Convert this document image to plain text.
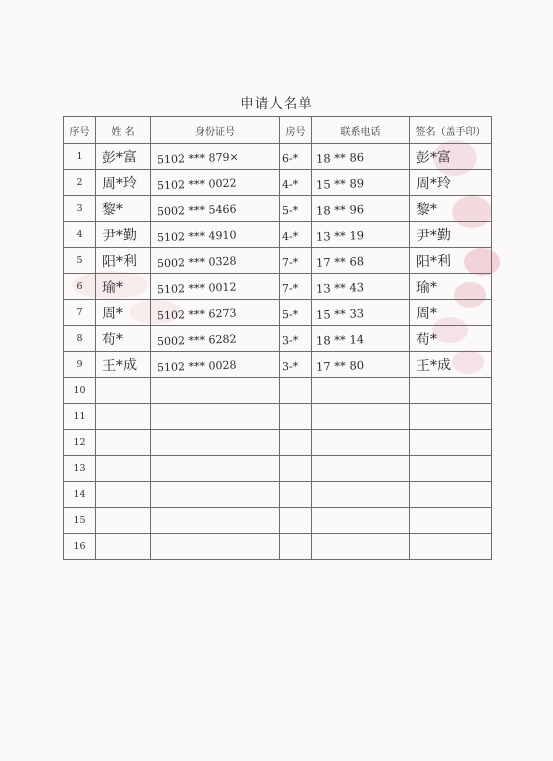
申请人名单
序号	姓 名	身份证号	房号	联系电话	签名（盖手印）
1	彭*富	5102 *** 879×	6-*	18 ** 86	彭*富
2	周*玲	5102 *** 0022	4-*	15 ** 89	周*玲
3	黎*	5002 *** 5466	5-*	18 ** 96	黎*
4	尹*勤	5102 *** 4910	4-*	13 ** 19	尹*勤
5	阳*利	5002 *** 0328	7-*	17 ** 68	阳*利
6	瑜*	5102 *** 0012	7-*	13 ** 43	瑜*
7	周*	5102 *** 6273	5-*	15 ** 33	周*
8	苟*	5002 *** 6282	3-*	18 ** 14	苟*
9	王*成	5102 *** 0028	3-*	17 ** 80	王*成
10					
11					
12					
13					
14					
15					
16					
